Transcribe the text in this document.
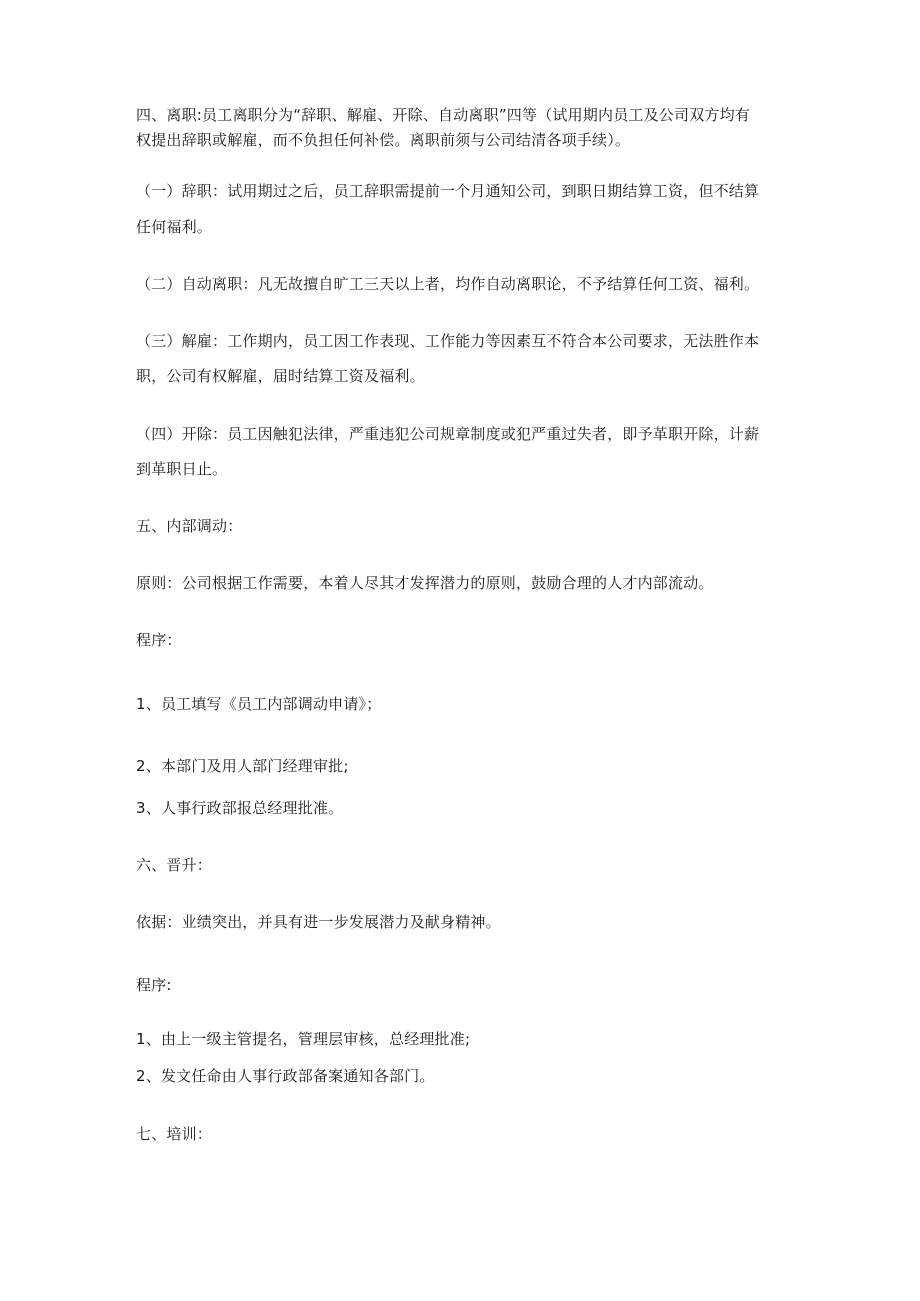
四、离职:员工离职分为“辞职、解雇、开除、自动离职”四等（试用期内员工及公司双方均有
权提出辞职或解雇，而不负担任何补偿。离职前须与公司结清各项手续）。
（一）辞职：试用期过之后，员工辞职需提前一个月通知公司，到职日期结算工资，但不结算
任何福利。
（二）自动离职：凡无故擅自旷工三天以上者，均作自动离职论，不予结算任何工资、福利。
（三）解雇：工作期内，员工因工作表现、工作能力等因素互不符合本公司要求，无法胜作本
职，公司有权解雇，届时结算工资及福利。
（四）开除：员工因触犯法律，严重违犯公司规章制度或犯严重过失者，即予革职开除，计薪
到革职日止。
五、内部调动：
原则：公司根据工作需要，本着人尽其才发挥潜力的原则，鼓励合理的人才内部流动。
程序：
1、员工填写《员工内部调动申请》；
2、本部门及用人部门经理审批;
3、人事行政部报总经理批准。
六、晋升：
依据：业绩突出，并具有进一步发展潜力及献身精神。
程序:
1、由上一级主管提名，管理层审核，总经理批准;
2、发文任命由人事行政部备案通知各部门。
七、培训：
